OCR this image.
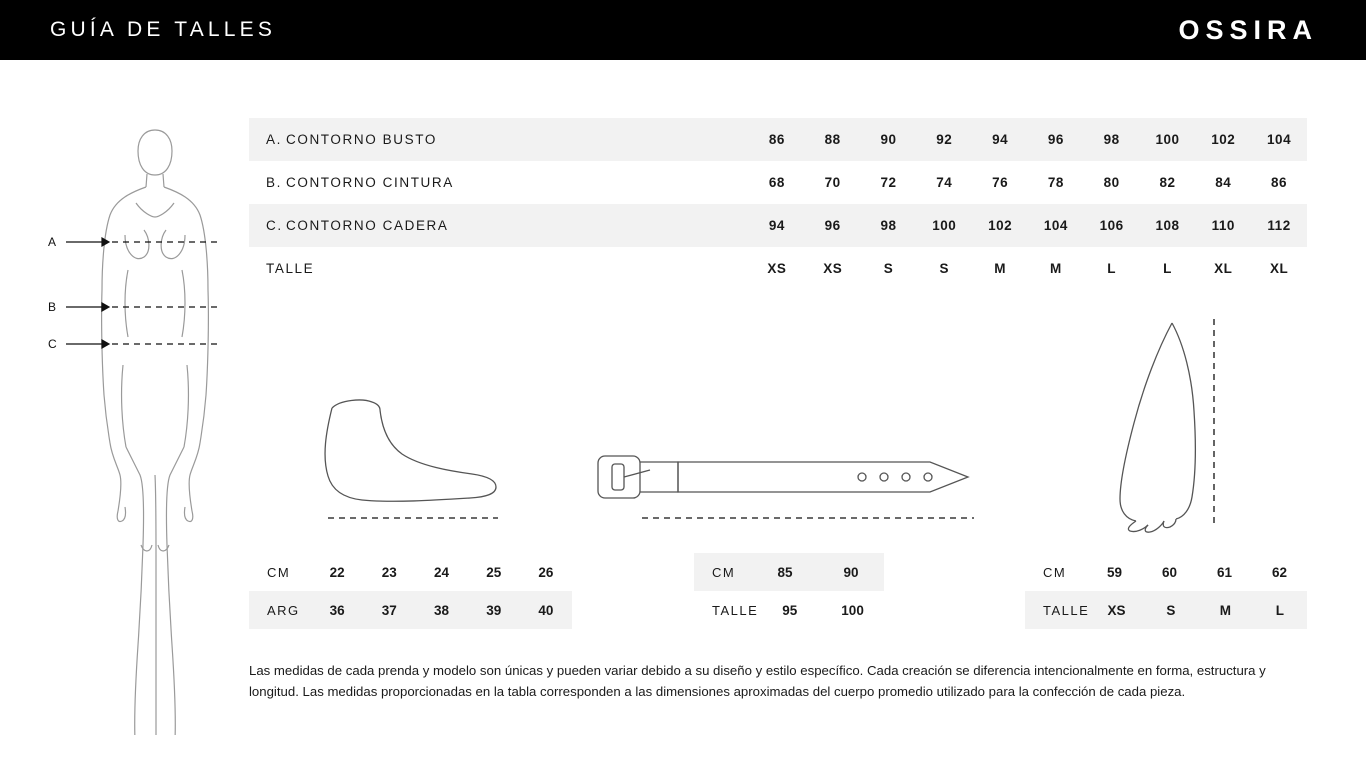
GUÍA DE TALLES	OSSIRA
A
B
C
A. CONTORNO BUSTO	86	88	90	92	94	96	98	100	102	104
B. CONTORNO CINTURA	68	70	72	74	76	78	80	82	84	86
C. CONTORNO CADERA	94	96	98	100	102	104	106	108	110	112
TALLE	XS	XS	S	S	M	M	L	L	XL	XL
CM	22	23	24	25	26
ARG	36	37	38	39	40
CM	85	90
TALLE	95	100
CM	59	60	61	62
TALLE	XS	S	M	L
Las medidas de cada prenda y modelo son únicas y pueden variar debido a su diseño y estilo específico. Cada creación se diferencia intencionalmente en forma, estructura y longitud. Las medidas proporcionadas en la tabla corresponden a las dimensiones aproximadas del cuerpo promedio utilizado para la confección de cada pieza.
